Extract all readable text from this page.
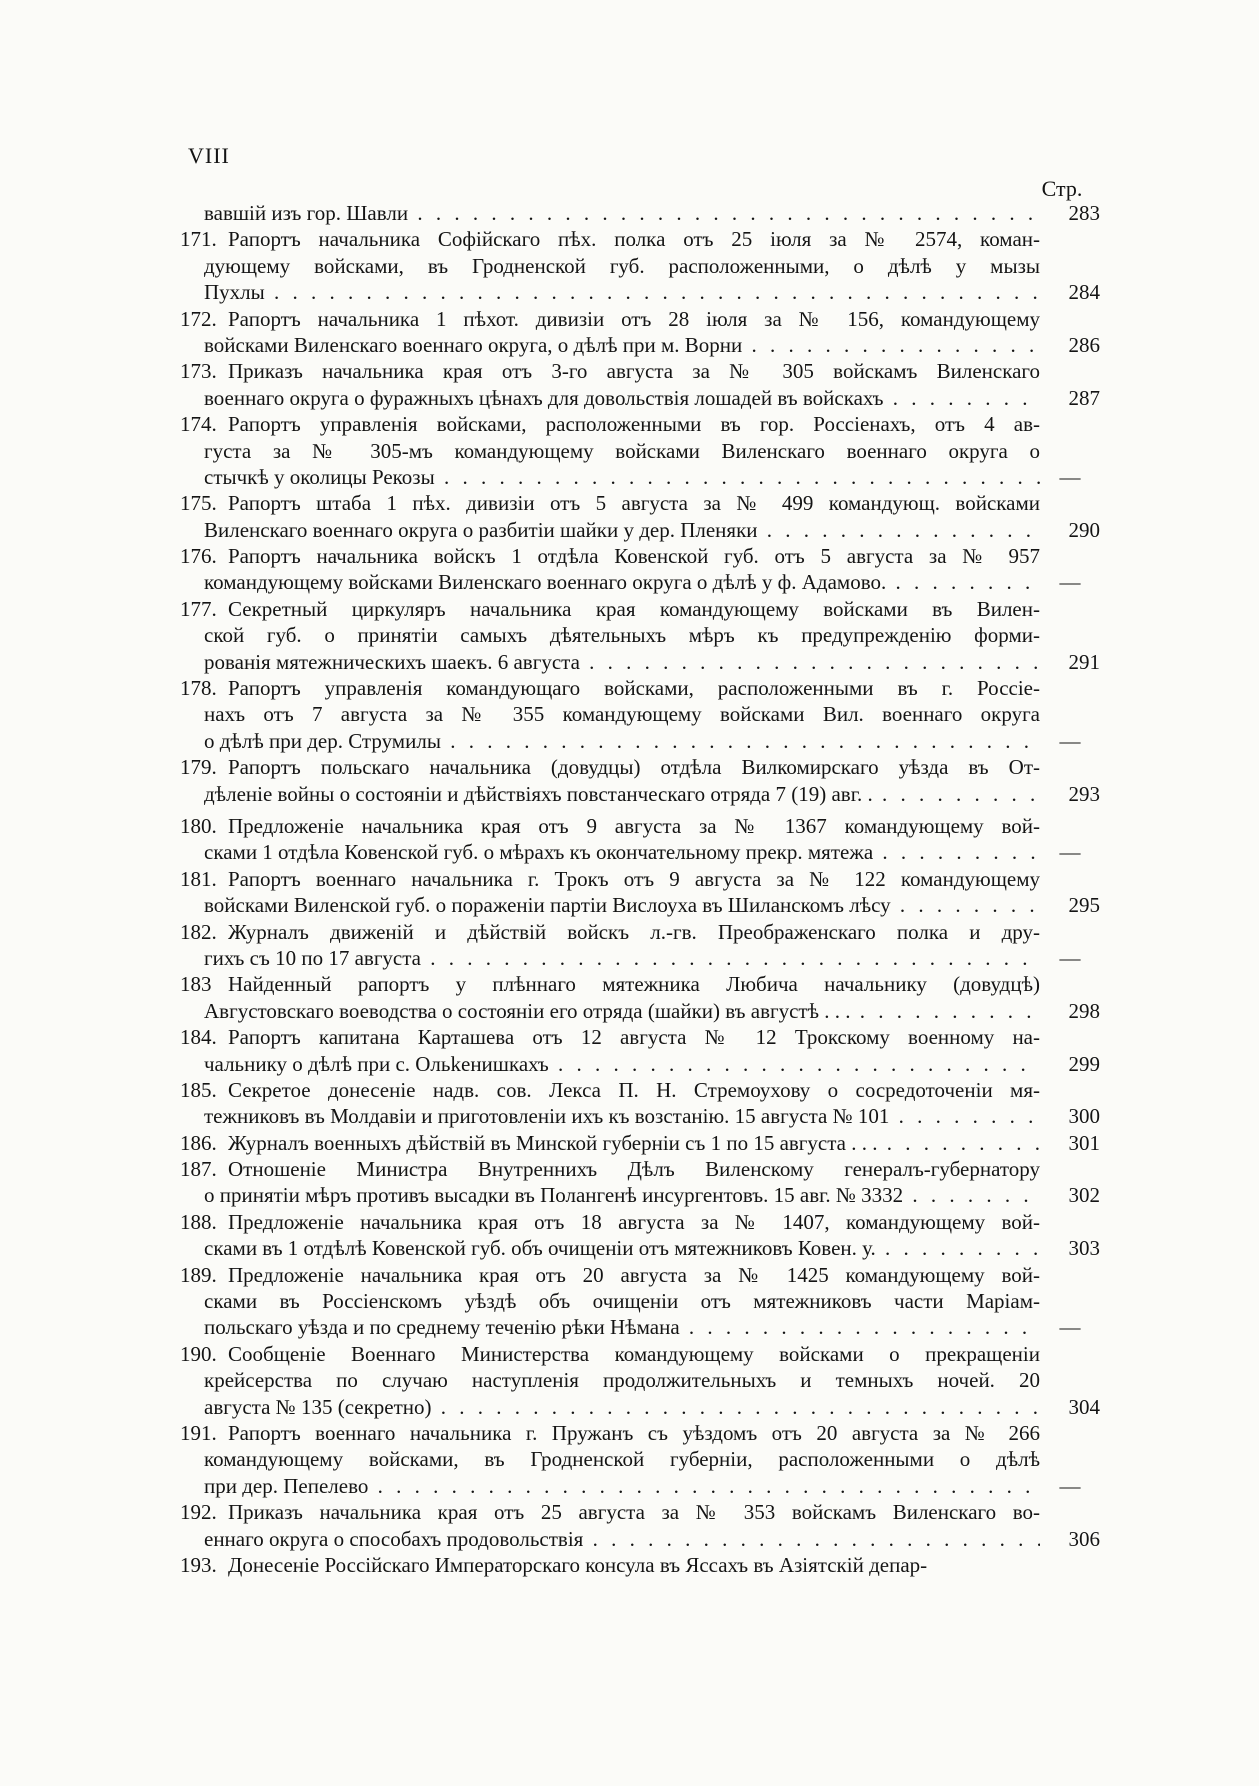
VIII
Стр.
вавшій изъ гор. Шавли . . .	283
171. Рапортъ начальника Софійскаго пѣх. полка отъ 25 іюля за № 2574, коман-
дующему войсками, въ Гродненской губ. расположенными, о дѣлѣ у мызы
Пухлы . . .	284
172. Рапортъ начальника 1 пѣхот. дивизіи отъ 28 іюля за № 156, командующему
войсками Виленскаго военнаго округа, о дѣлѣ при м. Ворни . . .	286
173. Приказъ начальника края отъ 3-го августа за № 305 войскамъ Виленскаго
военнаго округа о фуражныхъ цѣнахъ для довольствія лошадей въ войскахъ . . .	287
174. Рапортъ управленія войсками, расположенными въ гор. Россіенахъ, отъ 4 ав-
густа за № 305-мъ командующему войсками Виленскаго военнаго округа о
стычкѣ у околицы Рекозы . . .	—
175. Рапортъ штаба 1 пѣх. дивизіи отъ 5 августа за № 499 командующ. войсками
Виленскаго военнаго округа о разбитіи шайки у дер. Пленяки . . .	290
176. Рапортъ начальника войскъ 1 отдѣла Ковенской губ. отъ 5 августа за № 957
командующему войсками Виленскаго военнаго округа о дѣлѣ у ф. Адамово. . . .	—
177. Секретный циркуляръ начальника края командующему войсками въ Вилен-
ской губ. о принятіи самыхъ дѣятельныхъ мѣръ къ предупрежденію форми-
рованія мятежническихъ шаекъ. 6 августа . . .	291
178. Рапортъ управленія командующаго войсками, расположенными въ г. Россіе-
нахъ отъ 7 августа за № 355 командующему войсками Вил. военнаго округа
о дѣлѣ при дер. Струмилы . . .	—
179. Рапортъ польскаго начальника (довудцы) отдѣла Вилкомирскаго уѣзда въ От-
дѣленіе войны о состояніи и дѣйствіяхъ повстанческаго отряда 7 (19) авг. . . . .	293
180. Предложеніе начальника края отъ 9 августа за № 1367 командующему вой-
сками 1 отдѣла Ковенской губ. о мѣрахъ къ окончательному прекр. мятежа . . .	—
181. Рапортъ военнаго начальника г. Трокъ отъ 9 августа за № 122 командующему
войсками Виленской губ. о пораженіи партіи Вислоуха въ Шиланскомъ лѣсу . . .	295
182. Журналъ движеній и дѣйствій войскъ л.-гв. Преображенскаго полка и дру-
гихъ съ 10 по 17 августа . . .	—
183 Найденный рапортъ у плѣннаго мятежника Любича начальнику (довудцѣ)
Августовскаго воеводства о состояніи его отряда (шайки) въ августѣ . . . . . .	298
184. Рапортъ капитана Карташева отъ 12 августа № 12 Трокскому военному на-
чальнику о дѣлѣ при с. Ольkенишкахъ . . .	299
185. Секретое донесеніе надв. сов. Лекса П. Н. Стремоухову о сосредоточеніи мя-
тежниковъ въ Молдавіи и приготовленіи ихъ къ возстанію. 15 августа № 101 . . .	300
186. Журналъ военныхъ дѣйствій въ Минской губерніи съ 1 по 15 августа . . . . . .	301
187. Отношеніе Министра Внутреннихъ Дѣлъ Виленскому генералъ-губернатору
о принятіи мѣръ противъ высадки въ Полангенѣ инсургентовъ. 15 авг. № 3332 . . .	302
188. Предложеніе начальника края отъ 18 августа за № 1407, командующему вой-
сками въ 1 отдѣлѣ Ковенской губ. объ очищеніи отъ мятежниковъ Ковен. у. . . .	303
189. Предложеніе начальника края отъ 20 августа за № 1425 командующему вой-
сками въ Россіенскомъ уѣздѣ объ очищеніи отъ мятежниковъ части Маріам-
польскаго уѣзда и по среднему теченію рѣки Нѣмана . . .	—
190. Сообщеніе Военнаго Министерства командующему войсками о прекращеніи
крейсерства по случаю наступленія продолжительныхъ и темныхъ ночей. 20
августа № 135 (секретно) . . .	304
191. Рапортъ военнаго начальника г. Пружанъ съ уѣздомъ отъ 20 августа за № 266
командующему войсками, въ Гродненской губерніи, расположенными о дѣлѣ
при дер. Пепелево . . .	—
192. Приказъ начальника края отъ 25 августа за № 353 войскамъ Виленскаго во-
еннаго округа о способахъ продовольствія . . .	306
193. Донесеніе Россійскаго Императорскаго консула въ Яссахъ въ Азіятскій депар-
